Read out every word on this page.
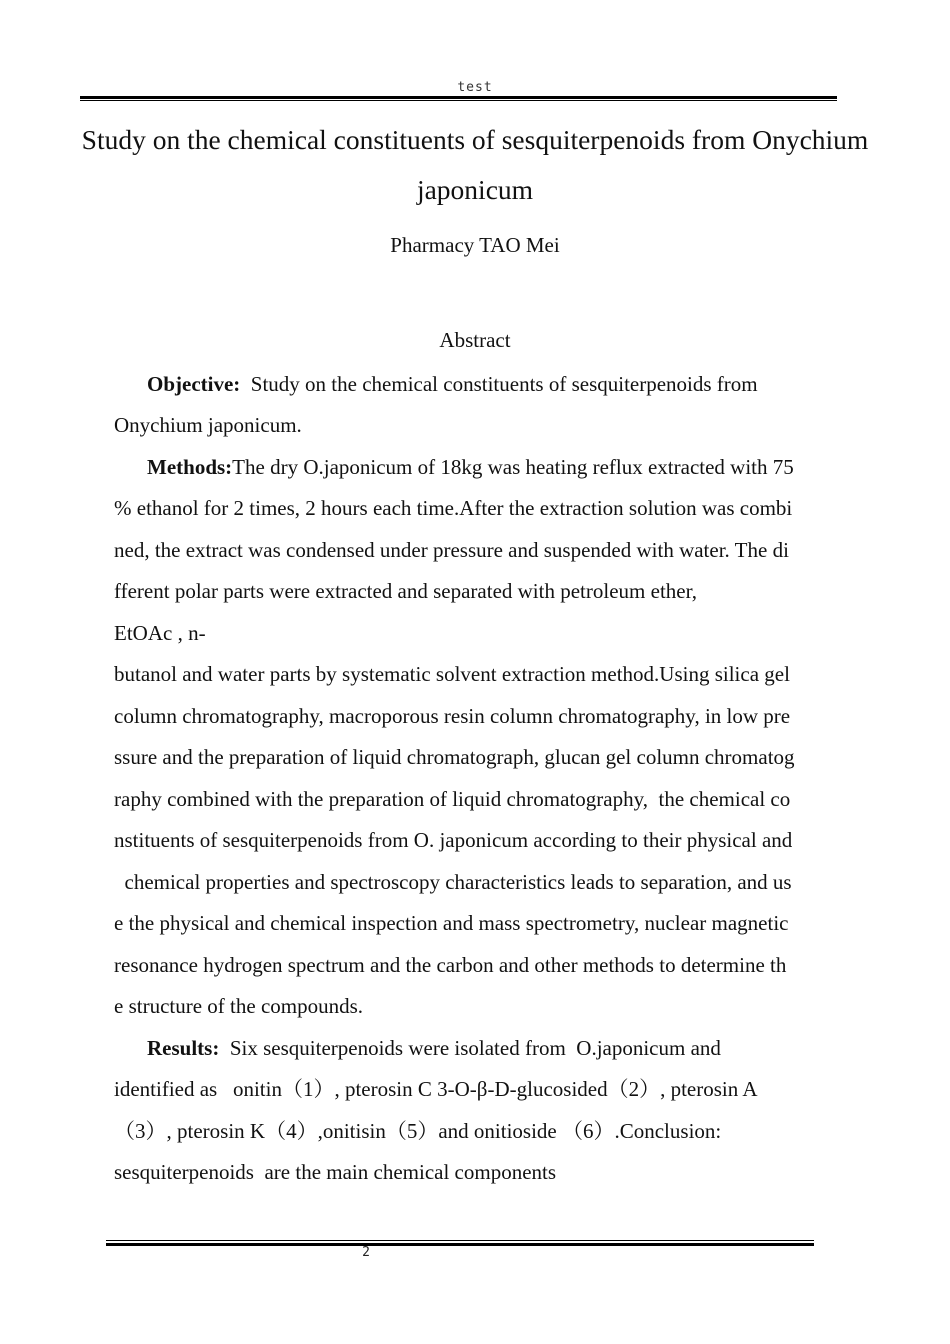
test
Study on the chemical constituents of sesquiterpenoids from Onychium japonicum
Pharmacy TAO Mei
Abstract
Objective:  Study on the chemical constituents of sesquiterpenoids from
Onychium japonicum.
Methods:The dry O.japonicum of 18kg was heating reflux extracted with 75
% ethanol for 2 times, 2 hours each time.After the extraction solution was combi
ned, the extract was condensed under pressure and suspended with water. The di
fferent polar parts were extracted and separated with petroleum ether,
EtOAc , n-
butanol and water parts by systematic solvent extraction method.Using silica gel
column chromatography, macroporous resin column chromatography, in low pre
ssure and the preparation of liquid chromatograph, glucan gel column chromatog
raphy combined with the preparation of liquid chromatography,  the chemical co
nstituents of sesquiterpenoids from O. japonicum according to their physical and
chemical properties and spectroscopy characteristics leads to separation, and us
e the physical and chemical inspection and mass spectrometry, nuclear magnetic
resonance hydrogen spectrum and the carbon and other methods to determine th
e structure of the compounds.
Results:  Six sesquiterpenoids were isolated from  O.japonicum and
identified as   onitin（1）, pterosin C 3-O-β-D-glucosided（2）, pterosin A
（3）, pterosin K（4）,onitisin（5）and onitioside （6）.Conclusion:
sesquiterpenoids  are the main chemical components
2
